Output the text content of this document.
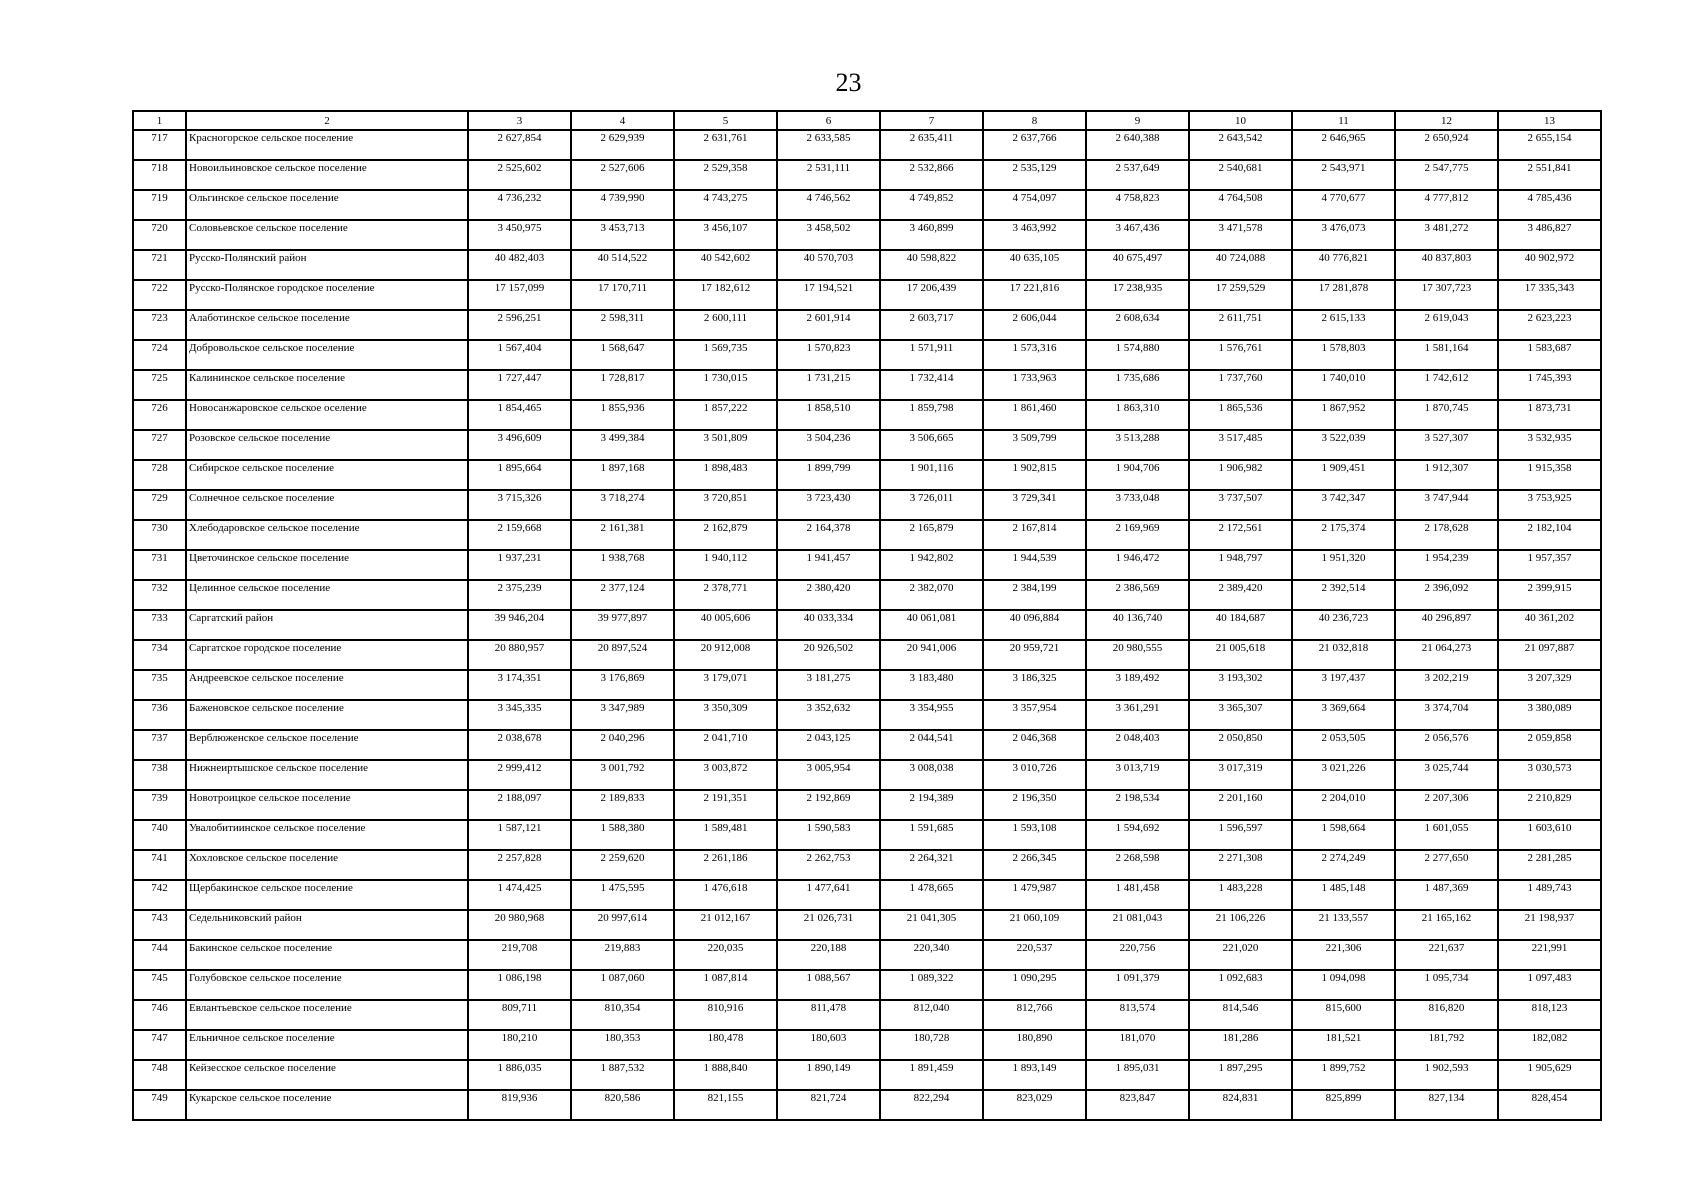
23
1	2	3	4	5	6	7	8	9	10	11	12	13
717	Красногорское сельское поселение	2 627,854	2 629,939	2 631,761	2 633,585	2 635,411	2 637,766	2 640,388	2 643,542	2 646,965	2 650,924	2 655,154
718	Новоильиновское сельское поселение	2 525,602	2 527,606	2 529,358	2 531,111	2 532,866	2 535,129	2 537,649	2 540,681	2 543,971	2 547,775	2 551,841
719	Ольгинское сельское поселение	4 736,232	4 739,990	4 743,275	4 746,562	4 749,852	4 754,097	4 758,823	4 764,508	4 770,677	4 777,812	4 785,436
720	Соловьевское сельское поселение	3 450,975	3 453,713	3 456,107	3 458,502	3 460,899	3 463,992	3 467,436	3 471,578	3 476,073	3 481,272	3 486,827
721	Русско-Полянский район	40 482,403	40 514,522	40 542,602	40 570,703	40 598,822	40 635,105	40 675,497	40 724,088	40 776,821	40 837,803	40 902,972
722	Русско-Полянское городское поселение	17 157,099	17 170,711	17 182,612	17 194,521	17 206,439	17 221,816	17 238,935	17 259,529	17 281,878	17 307,723	17 335,343
723	Алаботинское сельское поселение	2 596,251	2 598,311	2 600,111	2 601,914	2 603,717	2 606,044	2 608,634	2 611,751	2 615,133	2 619,043	2 623,223
724	Добровольское сельское поселение	1 567,404	1 568,647	1 569,735	1 570,823	1 571,911	1 573,316	1 574,880	1 576,761	1 578,803	1 581,164	1 583,687
725	Калининское сельское поселение	1 727,447	1 728,817	1 730,015	1 731,215	1 732,414	1 733,963	1 735,686	1 737,760	1 740,010	1 742,612	1 745,393
726	Новосанжаровское сельское оселение	1 854,465	1 855,936	1 857,222	1 858,510	1 859,798	1 861,460	1 863,310	1 865,536	1 867,952	1 870,745	1 873,731
727	Розовское сельское поселение	3 496,609	3 499,384	3 501,809	3 504,236	3 506,665	3 509,799	3 513,288	3 517,485	3 522,039	3 527,307	3 532,935
728	Сибирское сельское поселение	1 895,664	1 897,168	1 898,483	1 899,799	1 901,116	1 902,815	1 904,706	1 906,982	1 909,451	1 912,307	1 915,358
729	Солнечное сельское поселение	3 715,326	3 718,274	3 720,851	3 723,430	3 726,011	3 729,341	3 733,048	3 737,507	3 742,347	3 747,944	3 753,925
730	Хлебодаровское сельское поселение	2 159,668	2 161,381	2 162,879	2 164,378	2 165,879	2 167,814	2 169,969	2 172,561	2 175,374	2 178,628	2 182,104
731	Цветочинское сельское поселение	1 937,231	1 938,768	1 940,112	1 941,457	1 942,802	1 944,539	1 946,472	1 948,797	1 951,320	1 954,239	1 957,357
732	Целинное сельское поселение	2 375,239	2 377,124	2 378,771	2 380,420	2 382,070	2 384,199	2 386,569	2 389,420	2 392,514	2 396,092	2 399,915
733	Саргатский район	39 946,204	39 977,897	40 005,606	40 033,334	40 061,081	40 096,884	40 136,740	40 184,687	40 236,723	40 296,897	40 361,202
734	Саргатское городское поселение	20 880,957	20 897,524	20 912,008	20 926,502	20 941,006	20 959,721	20 980,555	21 005,618	21 032,818	21 064,273	21 097,887
735	Андреевское сельское поселение	3 174,351	3 176,869	3 179,071	3 181,275	3 183,480	3 186,325	3 189,492	3 193,302	3 197,437	3 202,219	3 207,329
736	Баженовское сельское поселение	3 345,335	3 347,989	3 350,309	3 352,632	3 354,955	3 357,954	3 361,291	3 365,307	3 369,664	3 374,704	3 380,089
737	Верблюженское сельское поселение	2 038,678	2 040,296	2 041,710	2 043,125	2 044,541	2 046,368	2 048,403	2 050,850	2 053,505	2 056,576	2 059,858
738	Нижнеиртышское сельское поселение	2 999,412	3 001,792	3 003,872	3 005,954	3 008,038	3 010,726	3 013,719	3 017,319	3 021,226	3 025,744	3 030,573
739	Новотроицкое сельское поселение	2 188,097	2 189,833	2 191,351	2 192,869	2 194,389	2 196,350	2 198,534	2 201,160	2 204,010	2 207,306	2 210,829
740	Увалобитиинское сельское поселение	1 587,121	1 588,380	1 589,481	1 590,583	1 591,685	1 593,108	1 594,692	1 596,597	1 598,664	1 601,055	1 603,610
741	Хохловское сельское поселение	2 257,828	2 259,620	2 261,186	2 262,753	2 264,321	2 266,345	2 268,598	2 271,308	2 274,249	2 277,650	2 281,285
742	Щербакинское сельское поселение	1 474,425	1 475,595	1 476,618	1 477,641	1 478,665	1 479,987	1 481,458	1 483,228	1 485,148	1 487,369	1 489,743
743	Седельниковский район	20 980,968	20 997,614	21 012,167	21 026,731	21 041,305	21 060,109	21 081,043	21 106,226	21 133,557	21 165,162	21 198,937
744	Бакинское сельское поселение	219,708	219,883	220,035	220,188	220,340	220,537	220,756	221,020	221,306	221,637	221,991
745	Голубовское сельское поселение	1 086,198	1 087,060	1 087,814	1 088,567	1 089,322	1 090,295	1 091,379	1 092,683	1 094,098	1 095,734	1 097,483
746	Евлантьевское сельское поселение	809,711	810,354	810,916	811,478	812,040	812,766	813,574	814,546	815,600	816,820	818,123
747	Ельничное сельское поселение	180,210	180,353	180,478	180,603	180,728	180,890	181,070	181,286	181,521	181,792	182,082
748	Кейзесское сельское поселение	1 886,035	1 887,532	1 888,840	1 890,149	1 891,459	1 893,149	1 895,031	1 897,295	1 899,752	1 902,593	1 905,629
749	Кукарское сельское поселение	819,936	820,586	821,155	821,724	822,294	823,029	823,847	824,831	825,899	827,134	828,454
